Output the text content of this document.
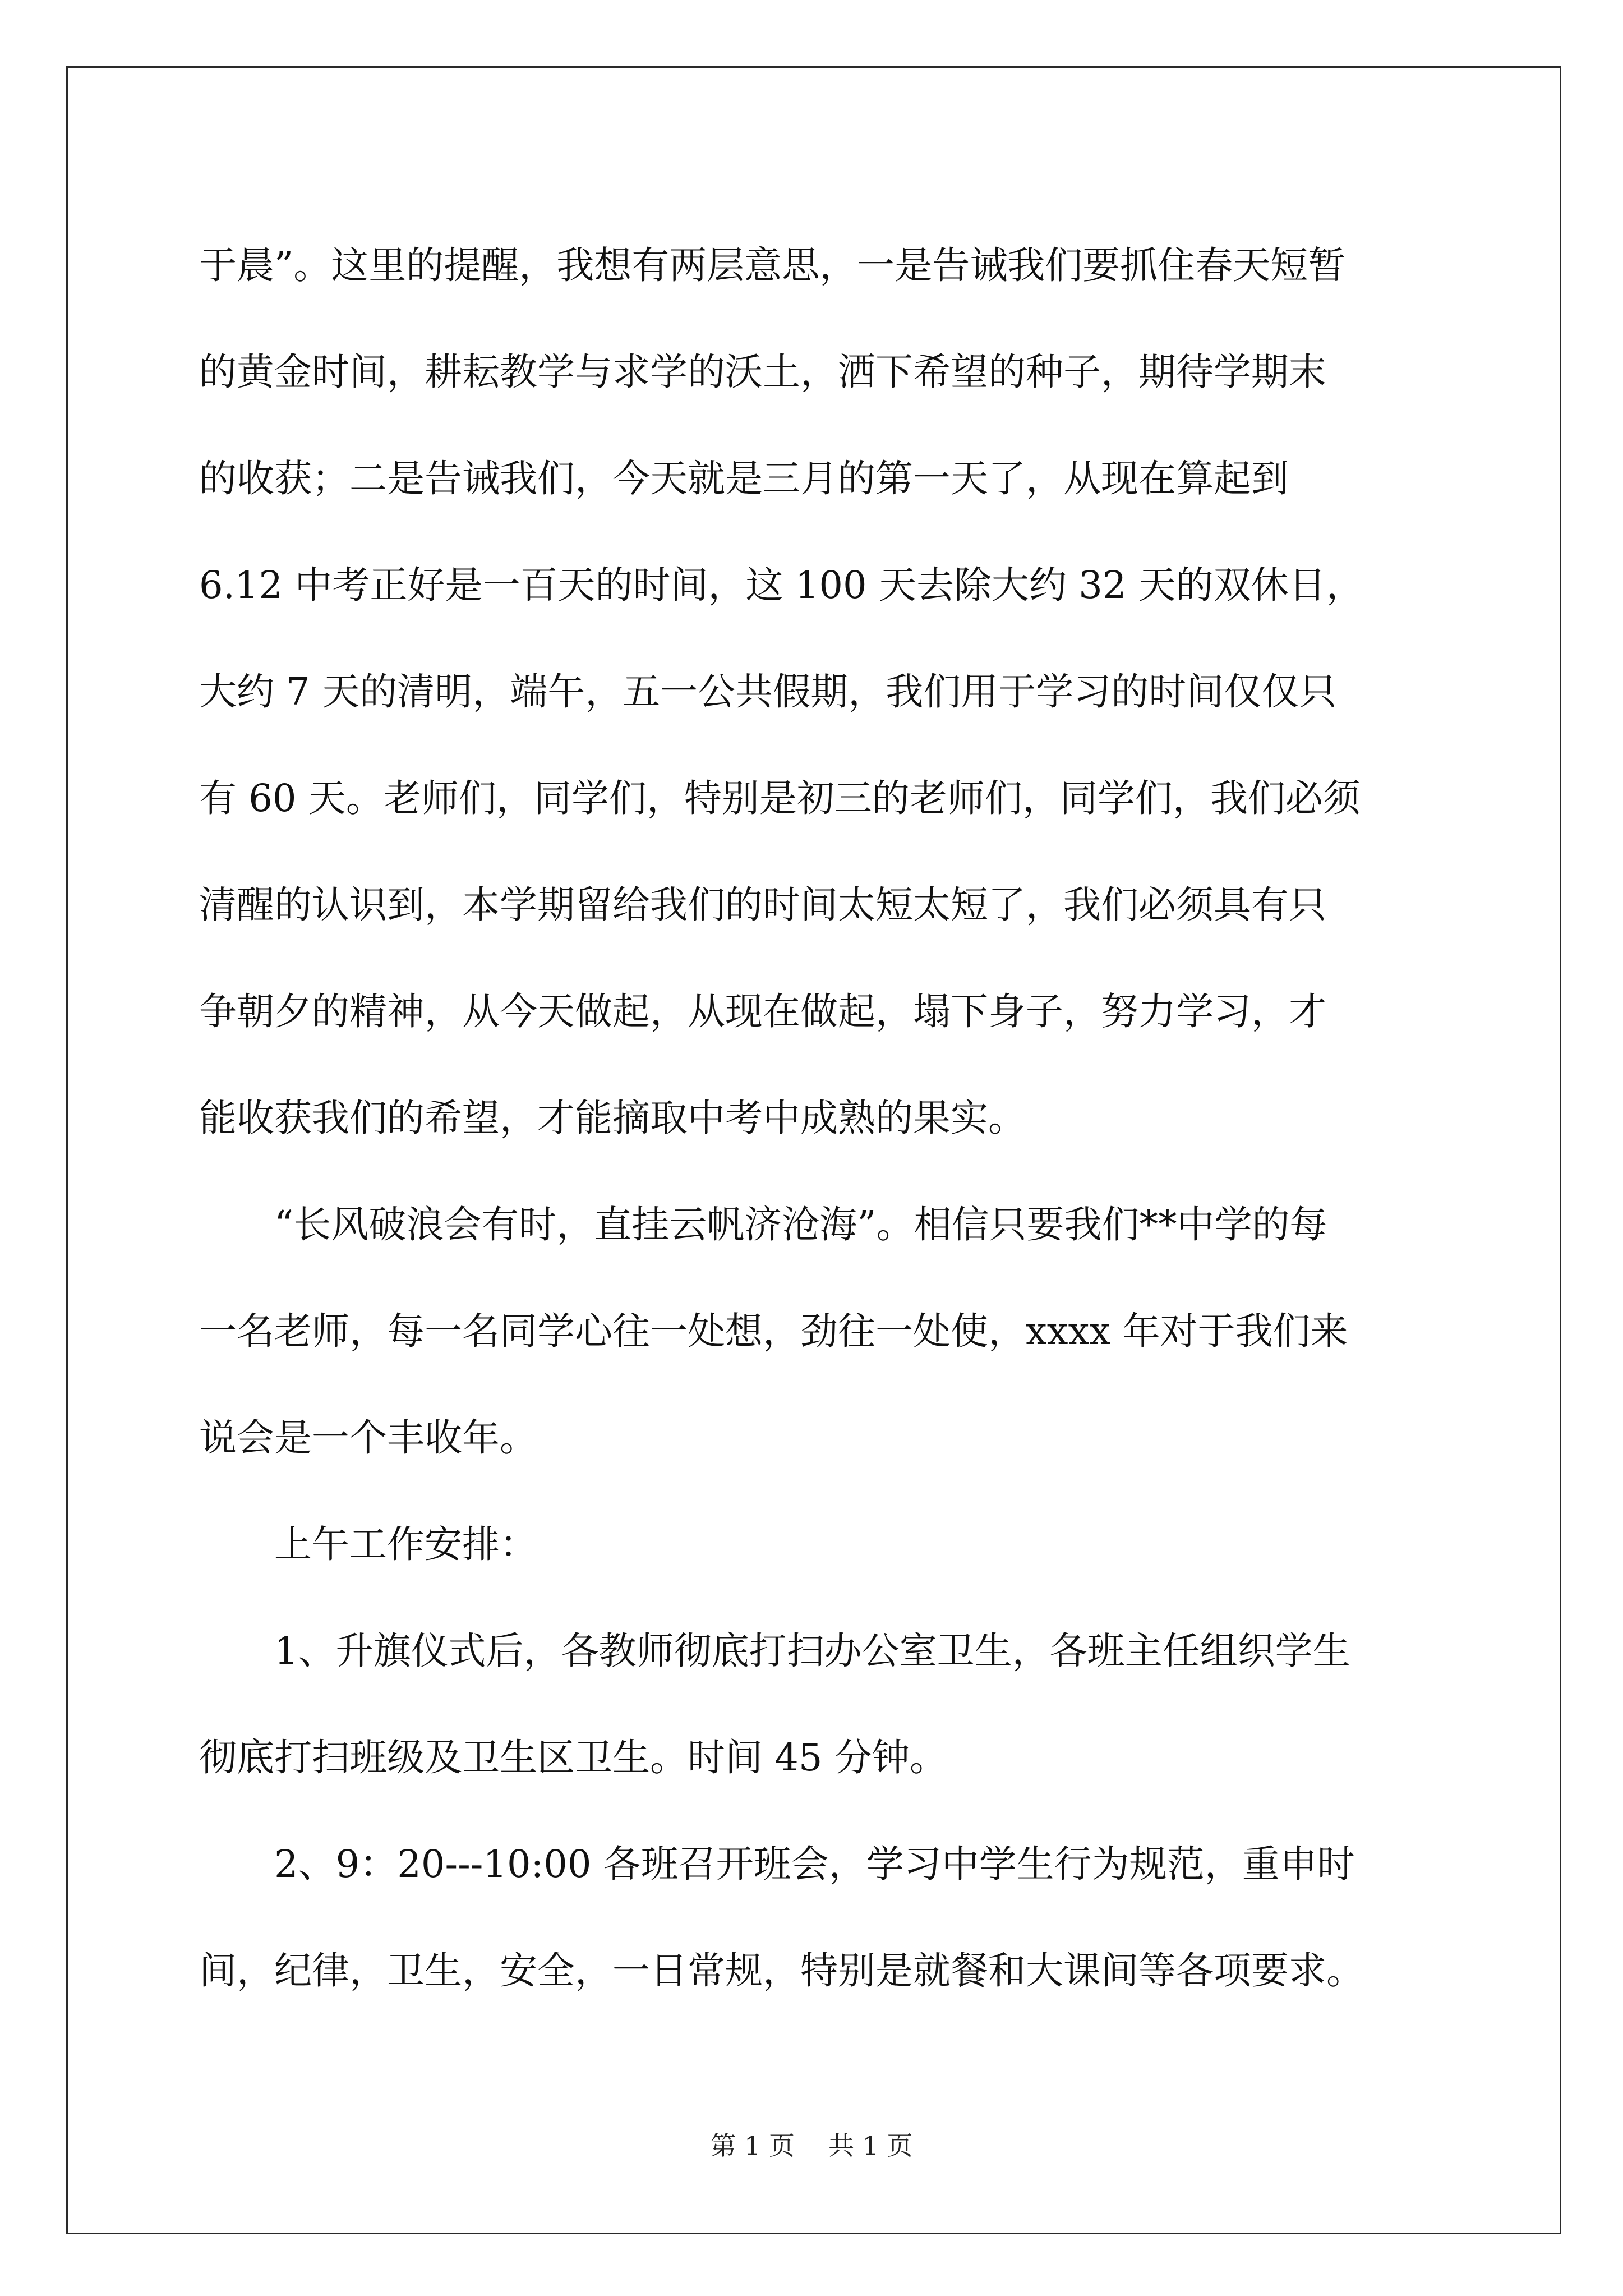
于晨”。这里的提醒，我想有两层意思，一是告诫我们要抓住春天短暂

的黄金时间，耕耘教学与求学的沃土，洒下希望的种子，期待学期末

的收获；二是告诫我们，今天就是三月的第一天了，从现在算起到

6.12 中考正好是一百天的时间，这 100 天去除大约 32 天的双休日，

大约 7 天的清明，端午，五一公共假期，我们用于学习的时间仅仅只

有 60 天。老师们，同学们，特别是初三的老师们，同学们，我们必须

清醒的认识到，本学期留给我们的时间太短太短了，我们必须具有只

争朝夕的精神，从今天做起，从现在做起，塌下身子，努力学习，才

能收获我们的希望，才能摘取中考中成熟的果实。

“长风破浪会有时，直挂云帆济沧海”。相信只要我们**中学的每

一名老师，每一名同学心往一处想，劲往一处使，xxxx 年对于我们来

说会是一个丰收年。

上午工作安排：

1、升旗仪式后，各教师彻底打扫办公室卫生，各班主任组织学生

彻底打扫班级及卫生区卫生。时间 45 分钟。

2、9：20---10:00 各班召开班会，学习中学生行为规范，重申时

间，纪律，卫生，安全，一日常规，特别是就餐和大课间等各项要求。

第 1 页 共 1 页
